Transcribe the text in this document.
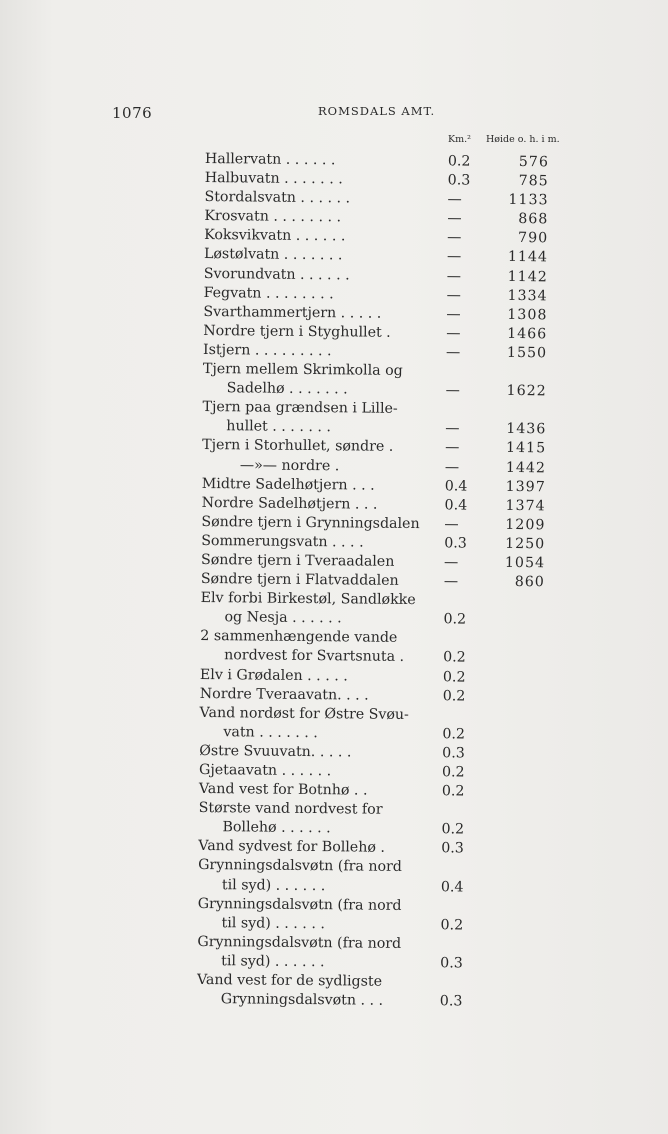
1076	ROMSDALS AMT.
Km.² Høide o. h. i m.
Hallervatn . . . . . .	0.2	576
Halbuvatn . . . . . . .	0.3	785
Stordalsvatn . . . . . .	—	1133
Krosvatn . . . . . . . .	—	868
Koksvikvatn . . . . . .	—	790
Løstølvatn . . . . . . .	—	1144
Svorundvatn . . . . . .	—	1142
Fegvatn . . . . . . . .	—	1334
Svarthammertjern . . . . .	—	1308
Nordre tjern i Styghullet .	—	1466
Istjern . . . . . . . . .	—	1550
Tjern mellem Skrimkolla og
Sadelhø . . . . . . .	—	1622
Tjern paa grændsen i Lille-
hullet . . . . . . .	—	1436
Tjern i Storhullet, søndre .	—	1415
—»— nordre .	—	1442
Midtre Sadelhøtjern . . .	0.4	1397
Nordre Sadelhøtjern . . .	0.4	1374
Søndre tjern i Grynningsdalen —	1209
Sommerungsvatn . . . .	0.3	1250
Søndre tjern i Tveraadalen	—	1054
Søndre tjern i Flatvaddalen	—	860
Elv forbi Birkestøl, Sandløkke
og Nesja . . . . . .	0.2
2 sammenhængende vande
nordvest for Svartsnuta .	0.2
Elv i Grødalen . . . . .	0.2
Nordre Tveraavatn. . . .	0.2
Vand nordøst for Østre Svøu-
vatn . . . . . . .	0.2
Østre Svuuvatn. . . . .	0.3
Gjetaavatn . . . . . .	0.2
Vand vest for Botnhø . .	0.2
Største vand nordvest for
Bollehø . . . . . .	0.2
Vand sydvest for Bollehø .	0.3
Grynningsdalsvøtn (fra nord
til syd) . . . . . .	0.4
Grynningsdalsvøtn (fra nord
til syd) . . . . . .	0.2
Grynningsdalsvøtn (fra nord
til syd) . . . . . .	0.3
Vand vest for de sydligste
Grynningsdalsvøtn . . .	0.3
